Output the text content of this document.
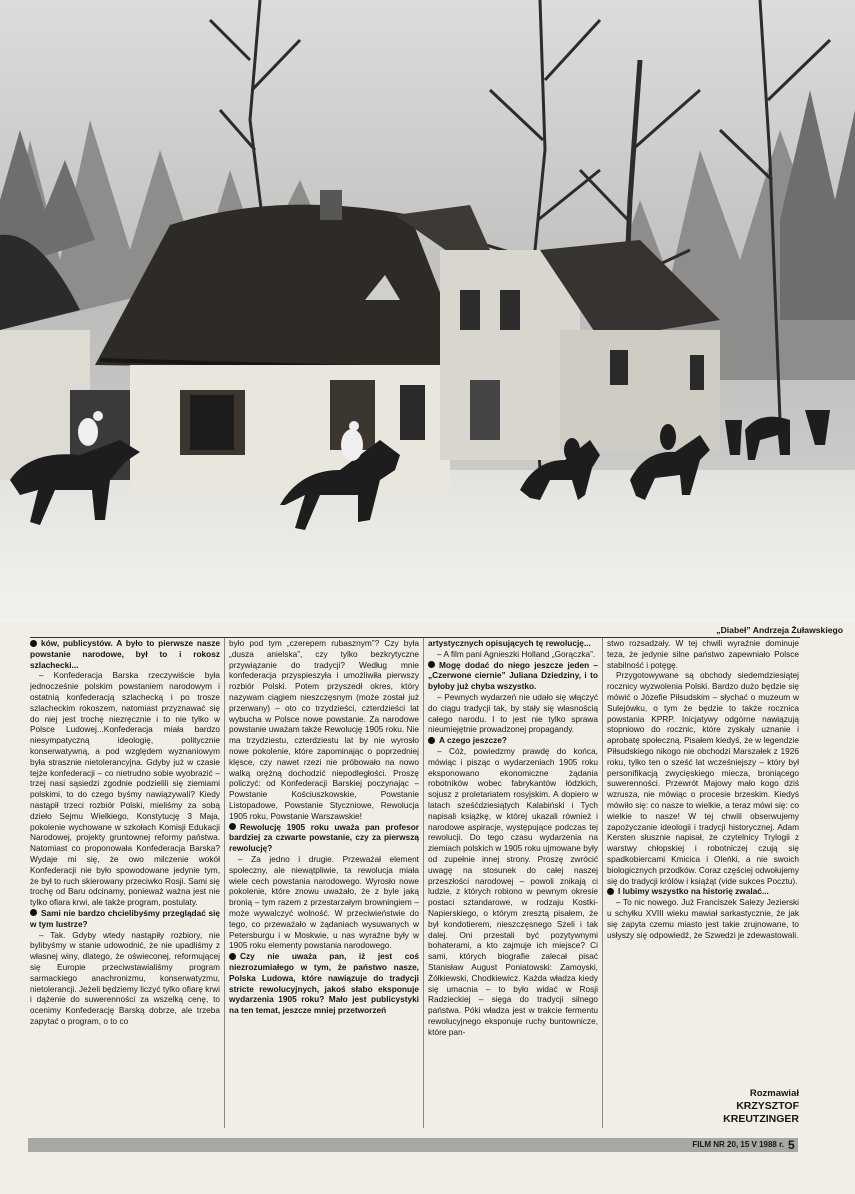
„Diabeł” Andrzeja Żuławskiego

ków, publicystów. A było to pierwsze nasze powstanie narodowe, był to i rokosz szlachecki...

– Konfederacja Barska rzeczywiście była jednocześnie polskim powstaniem narodowym i ostatnią konfederacją szlachecką i po trosze szlacheckim rokoszem, natomiast przyznawać się do niej jest trochę niezręcznie i to nie tylko w Polsce Ludowej...Konfederacja miała bardzo niesympatyczną ideologię, politycznie konserwatywną, a pod względem wyznaniowym była strasznie nietolerancyjna. Gdyby już w czasie tejże konfederacji – co nietrudno sobie wyobrazić – trzej nasi sąsiedzi zgodnie podzielili się ziemiami polskimi, to do czego byśmy nawiązywali? Kiedy nastąpił trzeci rozbiór Polski, mieliśmy za sobą dzieło Sejmu Wielkiego, Konstytucję 3 Maja, pokolenie wychowane w szkołach Komisji Edukacji Narodowej, projekty gruntownej reformy państwa. Natomiast co proponowała Konfederacja Barska? Wydaje mi się, że owo milczenie wokół Konfederacji nie było spowodowane jedynie tym, że był to ruch skierowany przeciwko Rosji. Sami się trochę od Baru odcinamy, ponieważ ważna jest nie tylko ofiara krwi, ale także program, postulaty.

Sami nie bardzo chcielibyśmy przeglądać się w tym lustrze?

– Tak. Gdyby wtedy nastąpiły rozbiory, nie bylibyśmy w stanie udowodnić, że nie upadliśmy z własnej winy, dlatego, że oświeconej, reformującej się Europie przeciwstawialiśmy program sarmackiego anachronizmu, konserwatyzmu, nietolerancji. Jeżeli będziemy liczyć tylko ofiarę krwi i dążenie do suwerenności za wszelką cenę, to ocenimy Konfederację Barską dobrze, ale trzeba zapytać o program, o to co

było pod tym „czerepem rubasznym”? Czy była „dusza anielska”, czy tylko bezkrytyczne przywiązanie do tradycji? Według mnie konfederacja przyspieszyła i umożliwiła pierwszy rozbiór Polski. Potem przyszedł okres, który nazywam ciągiem nieszczęsnym (może został już przerwany) – oto co trzydzieści, czterdzieści lat wybucha w Polsce nowe powstanie. Za narodowe powstanie uważam także Rewolucję 1905 roku. Nie ma trzydziestu, czterdziestu lat by nie wyrosło nowe pokolenie, które zapominając o poprzedniej klęsce, czy nawet rzezi nie próbowało na nowo walką orężną dochodzić niepodległości. Proszę policzyć: od Konfederacji Barskiej poczynając – Powstanie Kościuszkowskie, Powstanie Listopadowe, Powstanie Styczniowe, Rewolucja 1905 roku, Powstanie Warszawskie!

Rewolucję 1905 roku uważa pan profesor bardziej za czwarte powstanie, czy za pierwszą rewolucję?

– Za jedno i drugie. Przeważał element społeczny, ale niewątpliwie, ta rewolucja miała wiele cech powstania narodowego. Wyrosło nowe pokolenie, które znowu uważało, że z byle jaką bronią – tym razem z przestarzałym browningiem – może wywalczyć wolność. W przeciwieństwie do tego, co przeważało w żądaniach wysuwanych w Petersburgu i w Moskwie, u nas wyraźne były w 1905 roku elementy powstania narodowego.

Czy nie uważa pan, iż jest coś niezrozumiałego w tym, że państwo nasze, Polska Ludowa, które nawiązuje do tradycji stricte rewolucyjnych, jakoś słabo eksponuje wydarzenia 1905 roku? Mało jest publicystyki na ten temat, jeszcze mniej przetworzeń

artystycznych opisujących tę rewolucję...

– A film pani Agnieszki Holland „Gorączka”.

Mogę dodać do niego jeszcze jeden – „Czerwone ciernie” Juliana Dziedziny, i to byłoby już chyba wszystko.

– Pewnych wydarzeń nie udało się włączyć do ciągu tradycji tak, by stały się własnością całego narodu. I to jest nie tylko sprawa nieumiejętnie prowadzonej propagandy.

A czego jeszcze?

– Cóż, powiedzmy prawdę do końca, mówiąc i pisząc o wydarzeniach 1905 roku eksponowano ekonomiczne żądania robotników wobec fabrykantów łódzkich, sojusz z proletariatem rosyjskim. A dopiero w latach sześćdziesiątych Kalabiński i Tych napisali książkę, w której ukazali również i narodowe aspiracje, występujące podczas tej rewolucji. Do tego czasu wydarzenia na ziemiach polskich w 1905 roku ujmowane były od zupełnie innej strony. Proszę zwrócić uwagę na stosunek do całej naszej przeszłości narodowej – powoli znikają ci ludzie, z których robiono w pewnym okresie postaci sztandarowe, w rodzaju Kostki-Napierskiego, o którym zresztą pisałem, że był kondotierem, nieszczęsnego Szeli i tak dalej. Oni przestali być pozytywnymi bohaterami, a kto zajmuje ich miejsce? Ci sami, których biografie zalecał pisać Stanisław August Poniatowski: Zamoyski, Żółkiewski, Chodkiewicz. Każda władza kiedy się umacnia – to było widać w Rosji Radzieckiej – sięga do tradycji silnego państwa. Póki władza jest w trakcie fermentu rewolucyjnego eksponuje ruchy buntownicze, które pan-

stwo rozsadzały. W tej chwili wyraźnie dominuje teza, że jedynie silne państwo zapewniało Polsce stabilność i potęgę.

Przygotowywane są obchody siedemdziesiątej rocznicy wyzwolenia Polski. Bardzo dużo będzie się mówić o Józefie Piłsudskim – słychać o muzeum w Sulejówku, o tym że będzie to także rocznica powstania KPRP. Inicjatywy odgórne nawiązują stopniowo do rocznic, które zyskały uznanie i aprobatę społeczną. Pisałem kiedyś, że w legendzie Piłsudskiego nikogo nie obchodzi Marszałek z 1926 roku, tylko ten o sześć lat wcześniejszy – który był personifikacją zwycięskiego miecza, broniącego suwerenności. Przewrót Majowy mało kogo dziś wzrusza, nie mówiąc o procesie brzeskim. Kiedyś mówiło się: co nasze to wielkie, a teraz mówi się: co wielkie to nasze! W tej chwili obserwujemy zapożyczanie ideologii i tradycji historycznej. Adam Kersten słusznie napisał, że czytelnicy Trylogii z warstwy chłopskiej i robotniczej czują się spadkobiercami Kmicica i Oleńki, a nie swoich biologicznych przodków. Coraz częściej odwołujemy się do tradycji królów i książąt (vide sukces Pocztu).

I lubimy wszystko na historię zwalać...

– To nic nowego. Już Franciszek Salezy Jezierski u schyłku XVIII wieku mawiał sarkastycznie, że jak się zapyta czemu miasto jest takie zrujnowane, to usłyszy się odpowiedź, że Szwedzi je zdewastowali.

Rozmawiał
KRZYSZTOF
KREUTZINGER
FILM NR 20, 15 V 1988 r. 5
